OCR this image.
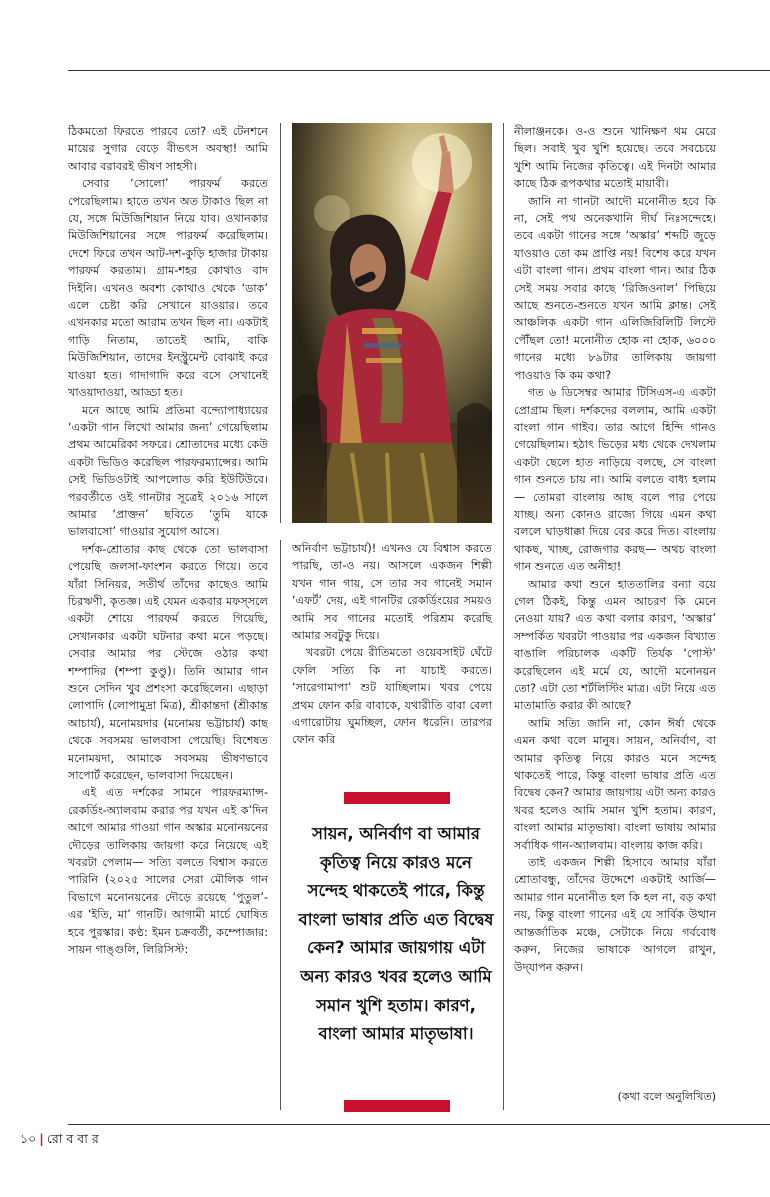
ঠিকমতো ফিরতে পারবে তো? এই টেনশনে মায়ের সুগার বেড়ে বীভৎস অবস্থা! আমি আবার বরাবরই ভীষণ সাহসী।

সেবার ‘সোলো’ পারফর্ম করতে পেরেছিলাম। হাতে তখন অত টাকাও ছিল না যে, সঙ্গে মিউজিশিয়ান নিয়ে যাব। ওখানকার মিউজিশিয়ানের সঙ্গে পারফর্ম করেছিলাম। দেশে ফিরে তখন আট-দশ-কুড়ি হাজার টাকায় পারফর্ম করতাম। গ্রাম-শহর কোথাও বাদ দিইনি। এখনও অবশ্য কোথাও থেকে ‘ডাক’ এলে চেষ্টা করি সেখানে যাওয়ার। তবে এখনকার মতো আরাম তখন ছিল না। একটাই গাড়ি নিতাম, তাতেই আমি, বাকি মিউজিশিয়ান, তাদের ইনস্ট্রুমেন্ট বোঝাই করে যাওয়া হত। গাদাগাদি করে বসে সেখানেই খাওয়াদাওয়া, আড্ডা হত।

মনে আছে আমি প্রতিমা বন্দ্যোপাধ্যায়ের ‘একটা গান লিখো আমার জন্য’ গেয়েছিলাম প্রথম আমেরিকা সফরে। শ্রোতাদের মধ্যে কেউ একটা ভিডিও করেছিল পারফরম্যান্সের। আমি সেই ভিডিওটাই আপলোড করি ইউটিউবে। পরবর্তীতে ওই গানটার সূত্রেই ২০১৬ সালে আমার ‘প্রাক্তন’ ছবিতে ‘তুমি যাকে ভালবাসো’ গাওয়ার সুযোগ আসে।

দর্শক-শ্রোতার কাছ থেকে তো ভালবাসা পেয়েছি জলসা-ফাংশন করতে গিয়ে। তবে যাঁরা সিনিয়র, সতীর্থ তাঁদের কাছেও আমি চিরঋণী, কৃতজ্ঞ। এই যেমন একবার মফস্‌সলে একটা শোয়ে পারফর্ম করতে গিয়েছি, সেখানকার একটা ঘটনার কথা মনে পড়ছে। সেবার আমার পর স্টেজে ওঠার কথা শম্পাদির (শম্পা কুণ্ডু)। তিনি আমার গান শুনে সেদিন খুব প্রশংসা করেছিলেন। এছাড়া লোপাদি (লোপামুদ্রা মিত্র), শ্রীকান্তদা (শ্রীকান্ত আচার্য), মনোময়দার (মনোময় ভট্টাচার্য) কাছ থেকে সবসময় ভালবাসা পেয়েছি। বিশেষত মনোময়দা, আমাকে সবসময় ভীষণভাবে সাপোর্ট করেছেন, ভালবাসা দিয়েছেন।

এই এত দর্শকের সামনে পারফরম্যান্স-রেকর্ডিং-অ্যালবাম করার পর যখন এই ক’দিন আগে আমার গাওয়া গান অস্কার মনোনয়নের দৌড়ের তালিকায় জায়গা করে নিয়েছে এই খবরটা পেলাম— সত্যি বলতে বিশ্বাস করতে পারিনি (২০২৫ সালের সেরা মৌলিক গান বিভাগে মনোনয়নের দৌড়ে রয়েছে ‘পুতুল’-এর ‘ইতি, মা’ গানটি। আগামী মার্চে ঘোষিত হবে পুরস্কার। কণ্ঠ: ইমন চক্রবর্তী, কম্পোজার: সায়ন গাঙ্গুলি, লিরিসিস্ট:

অনির্বাণ ভট্টাচার্য)! এখনও যে বিশ্বাস করতে পারছি, তা-ও নয়। আসলে একজন শিল্পী যখন গান গায়, সে তার সব গানেই সমান ‘এফর্ট’ দেয়, এই গানটির রেকর্ডিংয়ের সময়ও আমি সব গানের মতোই পরিশ্রম করেছি আমার সবটুকু দিয়ে।

খবরটা পেয়ে রীতিমতো ওয়েবসাইট ঘেঁটে ফেলি সত্যি কি না যাচাই করতে। ‘সারেগামাপা’ শুট যাচ্ছিলাম। খবর পেয়ে প্রথম ফোন করি বাবাকে, যথারীতি বাবা বেলা এগারোটায় ঘুমচ্ছিল, ফোন ধরেনি। তারপর ফোন করি

সায়ন, অনির্বাণ বা আমার কৃতিত্ব নিয়ে কারও মনে সন্দেহ থাকতেই পারে, কিন্তু বাংলা ভাষার প্রতি এত বিদ্বেষ কেন? আমার জায়গায় এটা অন্য কারও খবর হলেও আমি সমান খুশি হতাম। কারণ, বাংলা আমার মাতৃভাষা।

নীলাঞ্জনকে। ও-ও শুনে খানিক্ষণ থম মেরে ছিল। সবাই খুব খুশি হয়েছে। তবে সবচেয়ে খুশি আমি নিজের কৃতিত্বে। এই দিনটা আমার কাছে ঠিক রূপকথার মতোই মায়াবী।

জানি না গানটা আদৌ মনোনীত হবে কি না, সেই পথ অনেকখানি দীর্ঘ নিঃসন্দেহে। তবে একটা গানের সঙ্গে ‘অস্কার’ শব্দটি জুড়ে যাওয়াও তো কম প্রাপ্তি নয়! বিশেষ করে যখন এটা বাংলা গান। প্রথম বাংলা গান। আর ঠিক সেই সময় সবার কাছে ‘রিজিওনাল’ পিছিয়ে আছে শুনতে-শুনতে যখন আমি ক্লান্ত। সেই আঞ্চলিক একটা গান এলিজিবিলিটি লিস্টে পৌঁছল তো! মনোনীত হোক না হোক, ৬০০০ গানের মধ্যে ৮৯টার তালিকায় জায়গা পাওয়াও কি কম কথা?

গত ৬ ডিসেম্বর আমার টিসিএস-এ একটা প্রোগ্রাম ছিল। দর্শকদের বললাম, আমি একটা বাংলা গান গাইব। তার আগে হিন্দি গানও গেয়েছিলাম। হঠাৎ ভিড়ের মধ্য থেকে দেখলাম একটা ছেলে হাত নাড়িয়ে বলছে, সে বাংলা গান শুনতে চায় না। আমি বলতে বাধ্য হলাম— তোমরা বাংলায় আছ বলে পার পেয়ে যাচ্ছ। অন্য কোনও রাজ্যে গিয়ে এমন কথা বললে ঘাড়ধাক্কা দিয়ে বের করে দিত। বাংলায় থাকছ, খাচ্ছ, রোজগার করছ— অথচ বাংলা গান শুনতে এত অনীহা!

আমার কথা শুনে হাততালির বন্যা বয়ে গেল ঠিকই, কিন্তু এমন আচরণ কি মেনে নেওয়া যায়? এত কথা বলার কারণ, ‘অস্কার’ সম্পর্কিত খবরটা পাওয়ার পর একজন বিখ্যাত বাঙালি পরিচালক একটি তির্যক ‘পোস্ট’ করেছিলেন এই মর্মে যে, আদৌ মনোনয়ন তো? এটা তো শর্টলিস্টিং মাত্র। এটা নিয়ে এত মাতামাতি করার কী আছে?

আমি সত্যি জানি না, কোন ঈর্ষা থেকে এমন কথা বলে মানুষ। সায়ন, অনির্বাণ, বা আমার কৃতিত্ব নিয়ে কারও মনে সন্দেহ থাকতেই পারে, কিন্তু বাংলা ভাষার প্রতি এত বিদ্বেষ কেন? আমার জায়গায় এটা অন্য কারও খবর হলেও আমি সমান খুশি হতাম। কারণ, বাংলা আমার মাতৃভাষা। বাংলা ভাষায় আমার সর্বাধিক গান-অ্যালবাম। বাংলায় কাজ করি।

তাই একজন শিল্পী হিসাবে আমার যাঁরা শ্রোতাবন্ধু, তাঁদের উদ্দেশে একটাই আর্জি— আমার গান মনোনীত হল কি হল না, বড় কথা নয়, কিন্তু বাংলা গানের এই যে সার্বিক উত্থান আন্তর্জাতিক মঞ্চে, সেটাকে নিয়ে গর্ববোধ করুন, নিজের ভাষাকে আগলে রাখুন, উদ্‌যাপন করুন।

(কথা বলে অনুলিখিত)
১০ | রো ব বা র
